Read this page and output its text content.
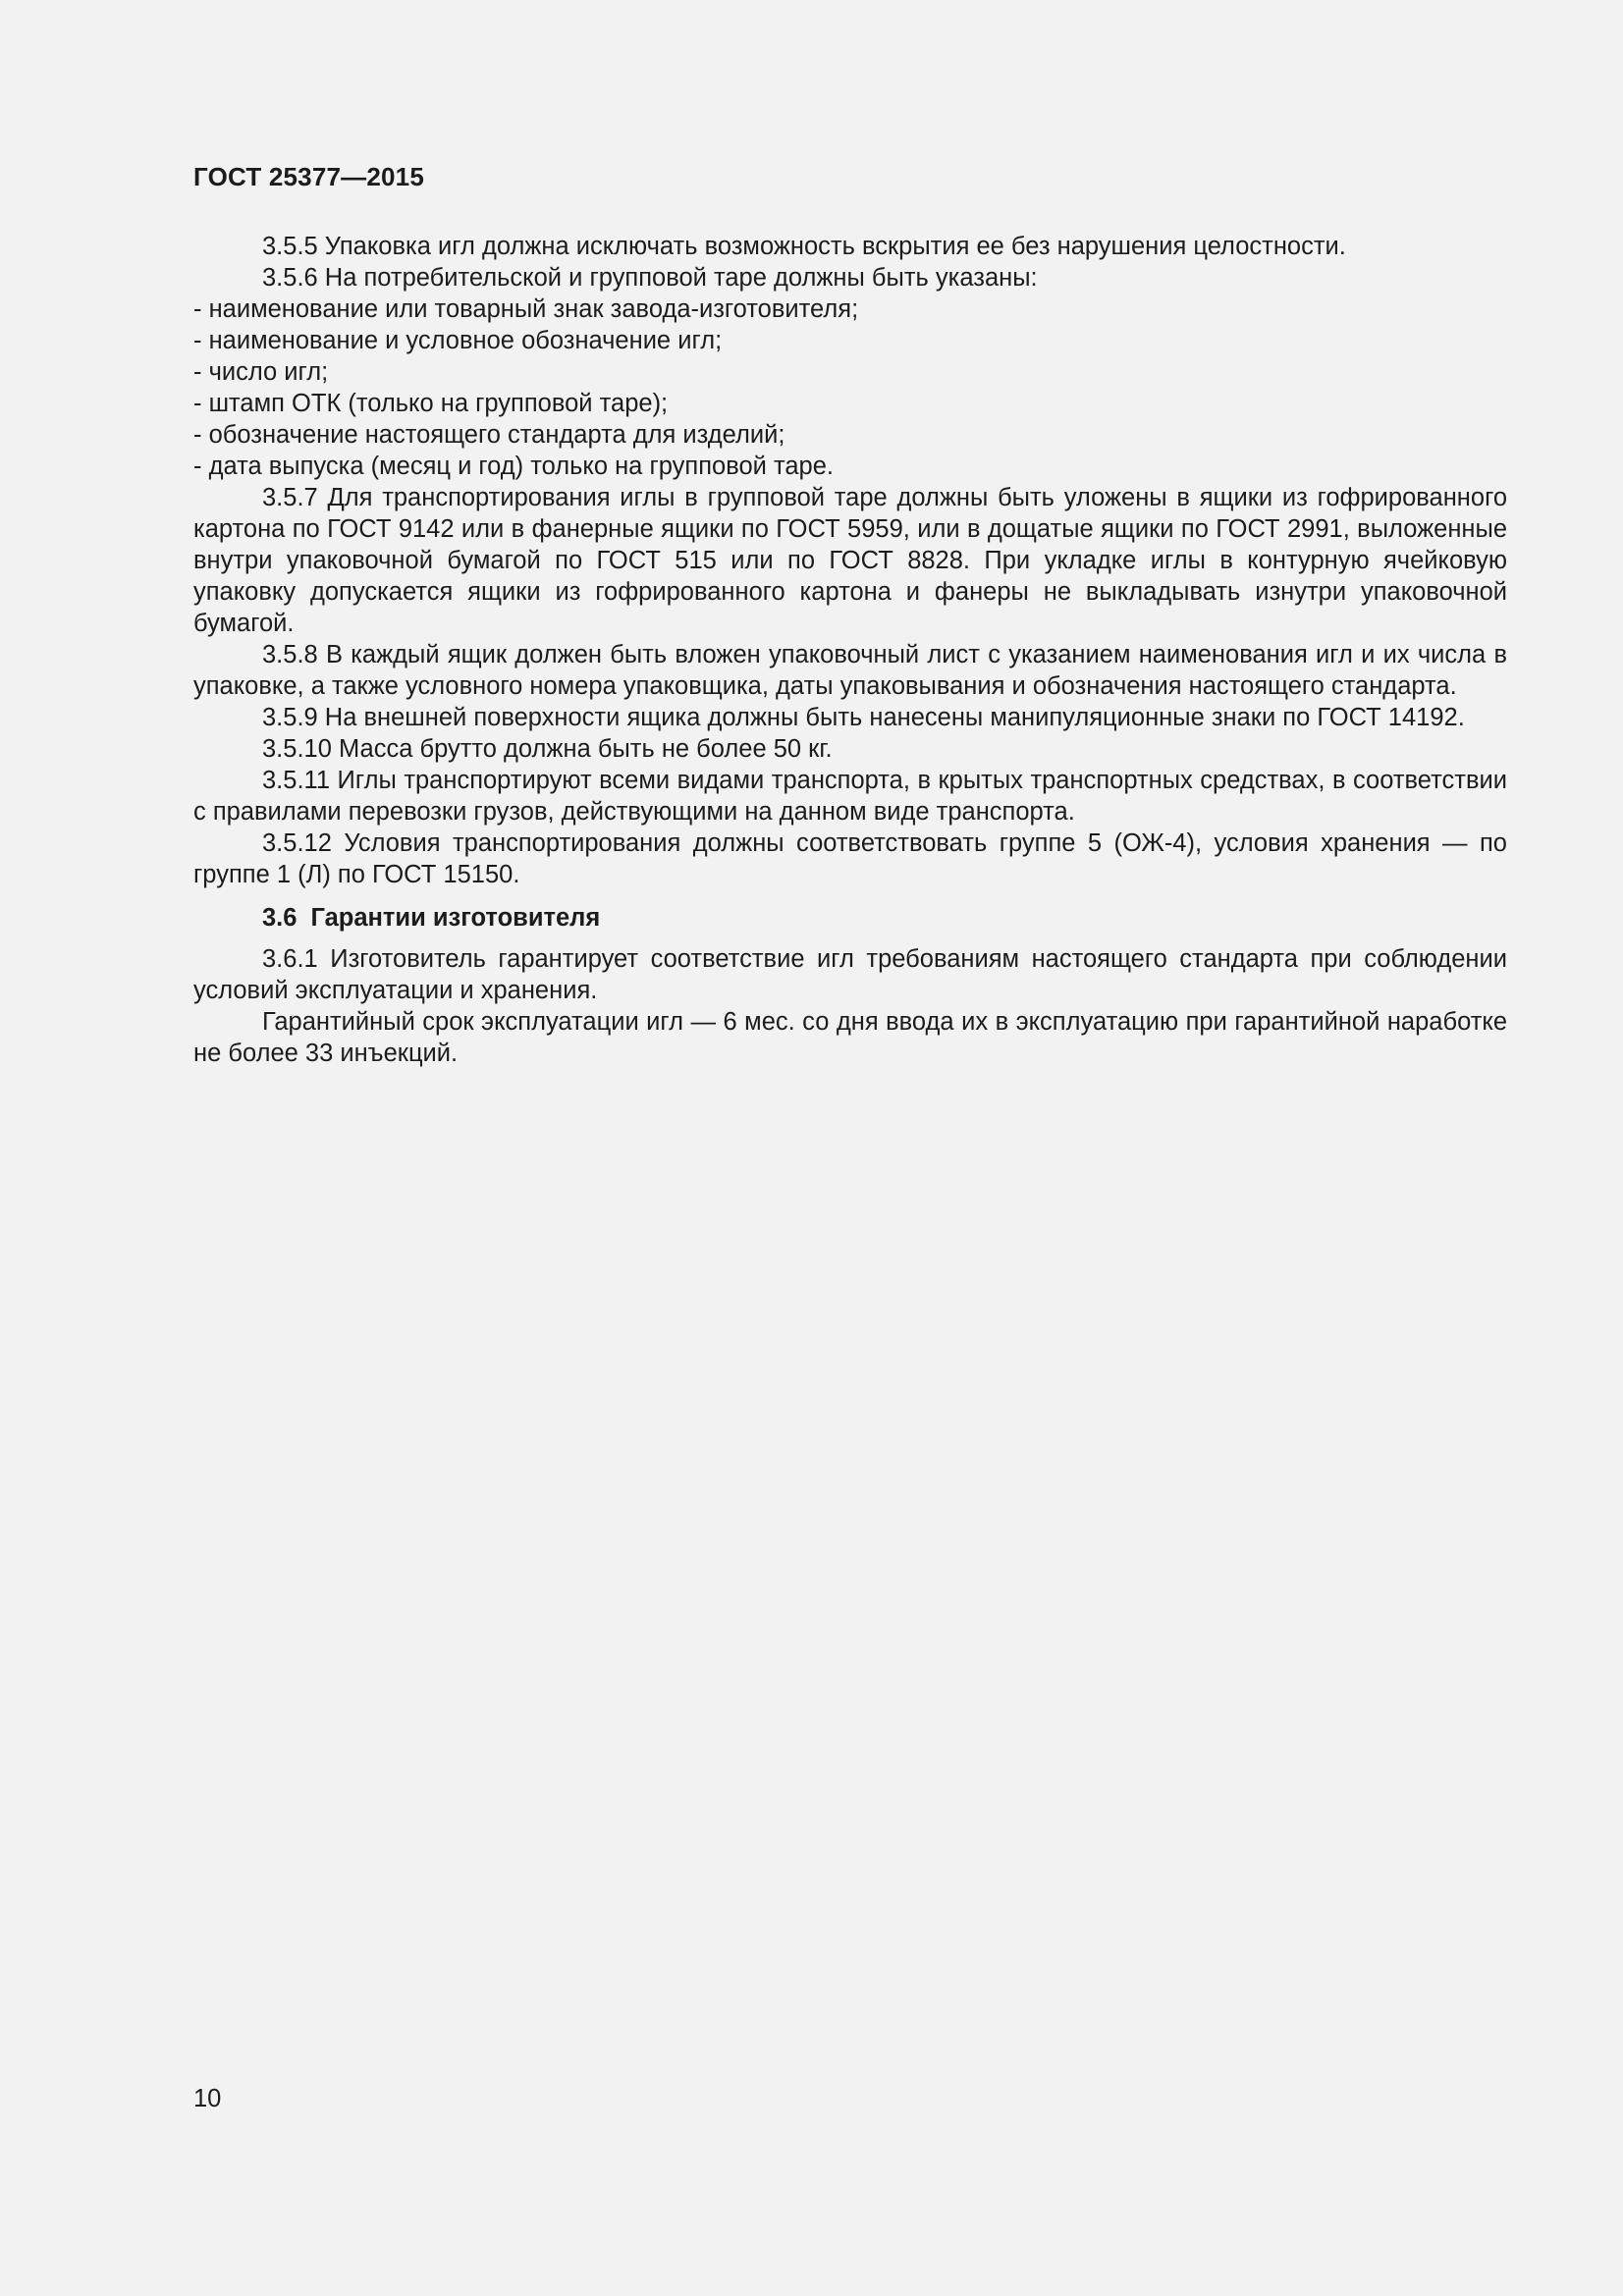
ГОСТ 25377—2015

3.5.5 Упаковка игл должна исключать возможность вскрытия ее без нарушения целостности.

3.5.6 На потребительской и групповой таре должны быть указаны:

- наименование или товарный знак завода-изготовителя;

- наименование и условное обозначение игл;

- число игл;

- штамп ОТК (только на групповой таре);

- обозначение настоящего стандарта для изделий;

- дата выпуска (месяц и год) только на групповой таре.

3.5.7 Для транспортирования иглы в групповой таре должны быть уложены в ящики из гофрированного картона по ГОСТ 9142 или в фанерные ящики по ГОСТ 5959, или в дощатые ящики по ГОСТ 2991, выложенные внутри упаковочной бумагой по ГОСТ 515 или по ГОСТ 8828. При укладке иглы в контурную ячейковую упаковку допускается ящики из гофрированного картона и фанеры не выкладывать изнутри упаковочной бумагой.

3.5.8 В каждый ящик должен быть вложен упаковочный лист с указанием наименования игл и их числа в упаковке, а также условного номера упаковщика, даты упаковывания и обозначения настоящего стандарта.

3.5.9 На внешней поверхности ящика должны быть нанесены манипуляционные знаки по ГОСТ 14192.

3.5.10 Масса брутто должна быть не более 50 кг.

3.5.11 Иглы транспортируют всеми видами транспорта, в крытых транспортных средствах, в соответствии с правилами перевозки грузов, действующими на данном виде транспорта.

3.5.12 Условия транспортирования должны соответствовать группе 5 (ОЖ-4), условия хранения — по группе 1 (Л) по ГОСТ 15150.

3.6 Гарантии изготовителя

3.6.1 Изготовитель гарантирует соответствие игл требованиям настоящего стандарта при соблюдении условий эксплуатации и хранения.

Гарантийный срок эксплуатации игл — 6 мес. со дня ввода их в эксплуатацию при гарантийной наработке не более 33 инъекций.

10
